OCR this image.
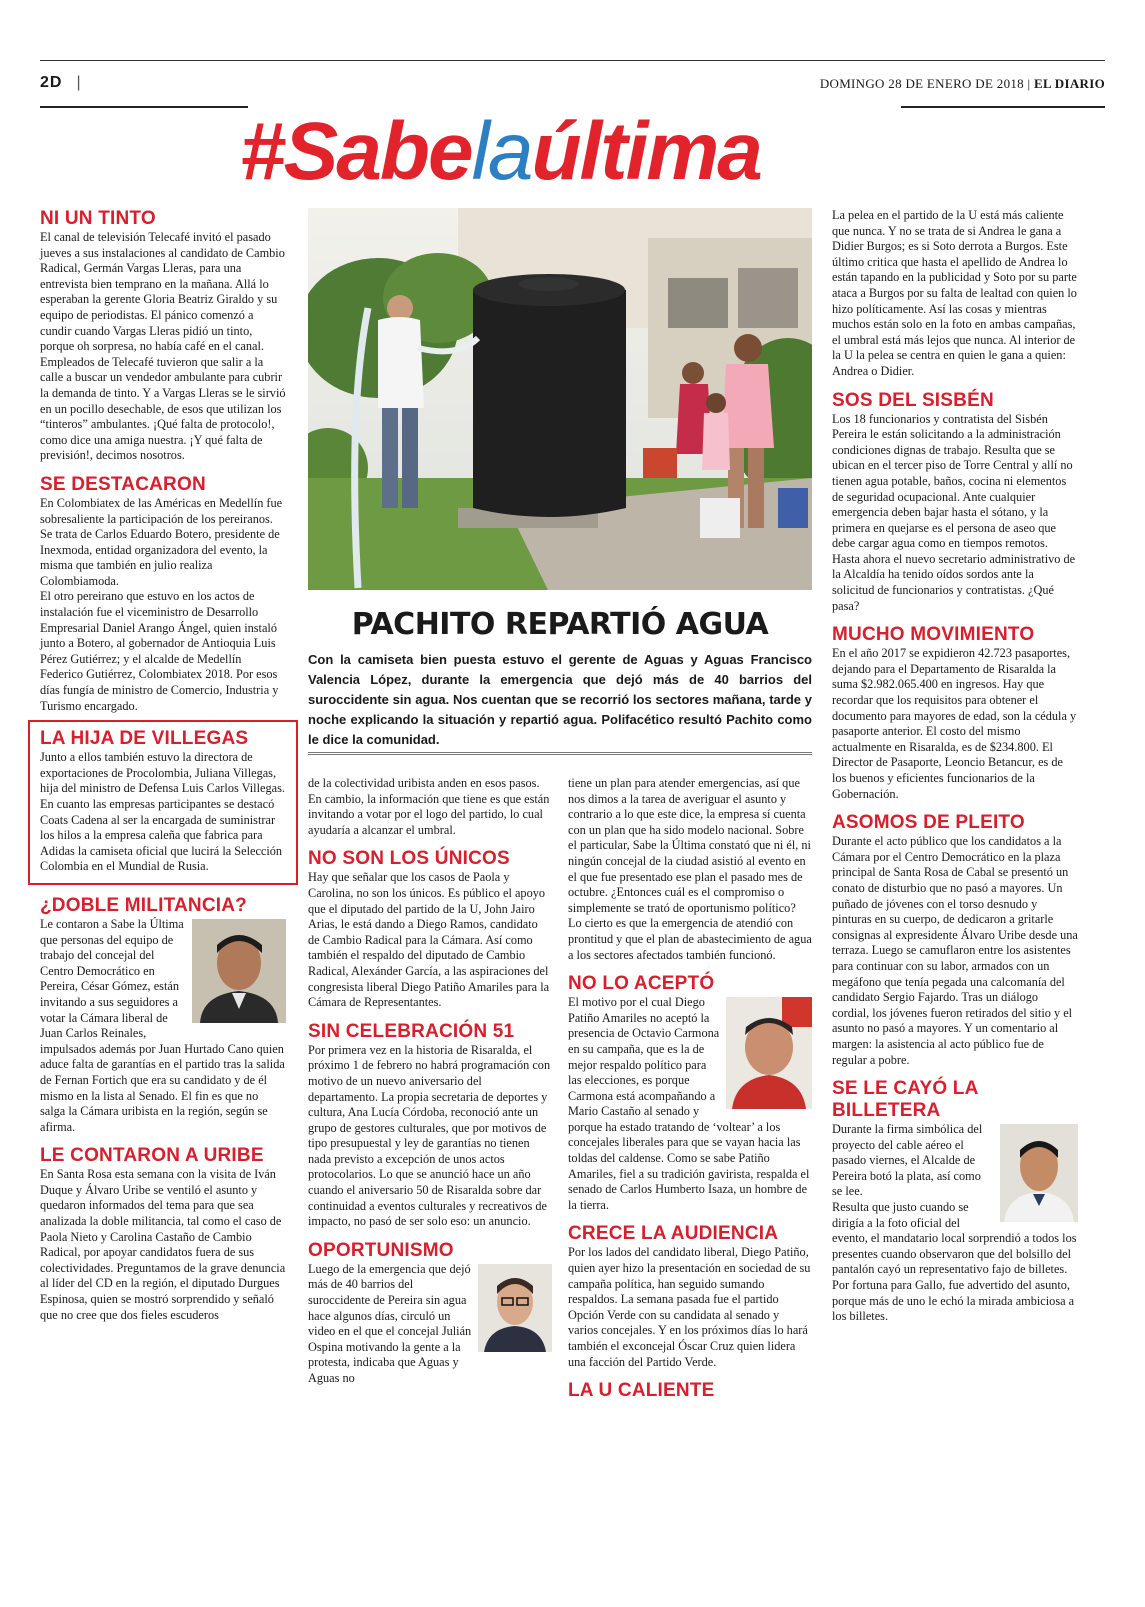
2D |	DOMINGO 28 DE ENERO DE 2018 | EL DIARIO
#Sabelaúltima
PACHITO REPARTIÓ AGUA
Con la camiseta bien puesta estuvo el gerente de Aguas y Aguas Francisco Valencia López, durante la emergencia que dejó más de 40 barrios del suroccidente sin agua. Nos cuentan que se recorrió los sectores mañana, tarde y noche explicando la situación y repartió agua. Polifacético resultó Pachito como le dice la comunidad.
NI UN TINTO

El canal de televisión Telecafé invitó el pasado jueves a sus instalaciones al candidato de Cambio Radical, Germán Vargas Lleras, para una entrevista bien temprano en la mañana. Allá lo esperaban la gerente Gloria Beatriz Giraldo y su equipo de periodistas. El pánico comenzó a cundir cuando Vargas Lleras pidió un tinto, porque oh sorpresa, no había café en el canal. Empleados de Telecafé tuvieron que salir a la calle a buscar un vendedor ambulante para cubrir la demanda de tinto. Y a Vargas Lleras se le sirvió en un pocillo desechable, de esos que utilizan los “tinteros” ambulantes. ¡Qué falta de protocolo!, como dice una amiga nuestra. ¡Y qué falta de previsión!, decimos nosotros.

SE DESTACARON

En Colombiatex de las Américas en Medellín fue sobresaliente la participación de los pereiranos. Se trata de Carlos Eduardo Botero, presidente de Inexmoda, entidad organizadora del evento, la misma que también en julio realiza Colombiamoda.

El otro pereirano que estuvo en los actos de instalación fue el viceministro de Desarrollo Empresarial Daniel Arango Ángel, quien instaló junto a Botero, al gobernador de Antioquia Luis Pérez Gutiérrez; y el alcalde de Medellín Federico Gutiérrez, Colombiatex 2018. Por esos días fungía de ministro de Comercio, Industria y Turismo encargado.

LA HIJA DE VILLEGAS

Junto a ellos también estuvo la directora de exportaciones de Procolombia, Juliana Villegas, hija del ministro de Defensa Luis Carlos Villegas.

En cuanto las empresas participantes se destacó Coats Cadena al ser la encargada de suministrar los hilos a la empresa caleña que fabrica para Adidas la camiseta oficial que lucirá la Selección Colombia en el Mundial de Rusia.

¿DOBLE MILITANCIA?

Le contaron a Sabe la Última que personas del equipo de trabajo del concejal del Centro Democrático en Pereira, César Gómez, están invitando a sus seguidores a votar la Cámara liberal de Juan Carlos Reinales, impulsados además por Juan Hurtado Cano quien aduce falta de garantías en el partido tras la salida de Fernan Fortich que era su candidato y de él mismo en la lista al Senado. El fin es que no salga la Cámara uribista en la región, según se afirma.

LE CONTARON A URIBE

En Santa Rosa esta semana con la visita de Iván Duque y Álvaro Uribe se ventiló el asunto y quedaron informados del tema para que sea analizada la doble militancia, tal como el caso de Paola Nieto y Carolina Castaño de Cambio Radical, por apoyar candidatos fuera de sus colectividades. Preguntamos de la grave denuncia al líder del CD en la región, el diputado Durgues Espinosa, quien se mostró sorprendido y señaló que no cree que dos fieles escuderos

de la colectividad uribista anden en esos pasos. En cambio, la información que tiene es que están invitando a votar por el logo del partido, lo cual ayudaría a alcanzar el umbral.

NO SON LOS ÚNICOS

Hay que señalar que los casos de Paola y Carolina, no son los únicos. Es público el apoyo que el diputado del partido de la U, John Jairo Arias, le está dando a Diego Ramos, candidato de Cambio Radical para la Cámara. Así como también el respaldo del diputado de Cambio Radical, Alexánder García, a las aspiraciones del congresista liberal Diego Patiño Amariles para la Cámara de Representantes.

SIN CELEBRACIÓN 51

Por primera vez en la historia de Risaralda, el próximo 1 de febrero no habrá programación con motivo de un nuevo aniversario del departamento. La propia secretaria de deportes y cultura, Ana Lucía Córdoba, reconoció ante un grupo de gestores culturales, que por motivos de tipo presupuestal y ley de garantías no tienen nada previsto a excepción de unos actos protocolarios. Lo que se anunció hace un año cuando el aniversario 50 de Risaralda sobre dar continuidad a eventos culturales y recreativos de impacto, no pasó de ser solo eso: un anuncio.

OPORTUNISMO

Luego de la emergencia que dejó más de 40 barrios del suroccidente de Pereira sin agua hace algunos días, circuló un video en el que el concejal Julián Ospina motivando la gente a la protesta, indicaba que Aguas y Aguas no

tiene un plan para atender emergencias, así que nos dimos a la tarea de averiguar el asunto y contrario a lo que este dice, la empresa sí cuenta con un plan que ha sido modelo nacional. Sobre el particular, Sabe la Última constató que ni él, ni ningún concejal de la ciudad asistió al evento en el que fue presentado ese plan el pasado mes de octubre. ¿Entonces cuál es el compromiso o simplemente se trató de oportunismo político? Lo cierto es que la emergencia de atendió con prontitud y que el plan de abastecimiento de agua a los sectores afectados también funcionó.

NO LO ACEPTÓ

El motivo por el cual Diego Patiño Amariles no aceptó la presencia de Octavio Carmona en su campaña, que es la de mejor respaldo político para las elecciones, es porque Carmona está acompañando a Mario Castaño al senado y porque ha estado tratando de ‘voltear’ a los concejales liberales para que se vayan hacia las toldas del caldense. Como se sabe Patiño Amariles, fiel a su tradición gavirista, respalda el senado de Carlos Humberto Isaza, un hombre de la tierra.

CRECE LA AUDIENCIA

Por los lados del candidato liberal, Diego Patiño, quien ayer hizo la presentación en sociedad de su campaña política, han seguido sumando respaldos. La semana pasada fue el partido Opción Verde con su candidata al senado y varios concejales. Y en los próximos días lo hará también el exconcejal Óscar Cruz quien lidera una facción del Partido Verde.

LA U CALIENTE

La pelea en el partido de la U está más caliente que nunca. Y no se trata de si Andrea le gana a Didier Burgos; es si Soto derrota a Burgos. Este último critica que hasta el apellido de Andrea lo están tapando en la publicidad y Soto por su parte ataca a Burgos por su falta de lealtad con quien lo hizo políticamente. Así las cosas y mientras muchos están solo en la foto en ambas campañas, el umbral está más lejos que nunca. Al interior de la U la pelea se centra en quien le gana a quien: Andrea o Didier.

SOS DEL SISBÉN

Los 18 funcionarios y contratista del Sisbén Pereira le están solicitando a la administración condiciones dignas de trabajo. Resulta que se ubican en el tercer piso de Torre Central y allí no tienen agua potable, baños, cocina ni elementos de seguridad ocupacional. Ante cualquier emergencia deben bajar hasta el sótano, y la primera en quejarse es el persona de aseo que debe cargar agua como en tiempos remotos. Hasta ahora el nuevo secretario administrativo de la Alcaldía ha tenido oídos sordos ante la solicitud de funcionarios y contratistas. ¿Qué pasa?

MUCHO MOVIMIENTO

En el año 2017 se expidieron 42.723 pasaportes, dejando para el Departamento de Risaralda la suma $2.982.065.400 en ingresos. Hay que recordar que los requisitos para obtener el documento para mayores de edad, son la cédula y pasaporte anterior. El costo del mismo actualmente en Risaralda, es de $234.800. El Director de Pasaporte, Leoncio Betancur, es de los buenos y eficientes funcionarios de la Gobernación.

ASOMOS DE PLEITO

Durante el acto público que los candidatos a la Cámara por el Centro Democrático en la plaza principal de Santa Rosa de Cabal se presentó un conato de disturbio que no pasó a mayores. Un puñado de jóvenes con el torso desnudo y pinturas en su cuerpo, de dedicaron a gritarle consignas al expresidente Álvaro Uribe desde una terraza. Luego se camuflaron entre los asistentes para continuar con su labor, armados con un megáfono que tenía pegada una calcomanía del candidato Sergio Fajardo. Tras un diálogo cordial, los jóvenes fueron retirados del sitio y el asunto no pasó a mayores. Y un comentario al margen: la asistencia al acto público fue de regular a pobre.

SE LE CAYÓ LA BILLETERA

Durante la firma simbólica del proyecto del cable aéreo el pasado viernes, el Alcalde de Pereira botó la plata, así como se lee.

Resulta que justo cuando se dirigía a la foto oficial del evento, el mandatario local sorprendió a todos los presentes cuando observaron que del bolsillo del pantalón cayó un representativo fajo de billetes. Por fortuna para Gallo, fue advertido del asunto, porque más de uno le echó la mirada ambiciosa a los billetes.
